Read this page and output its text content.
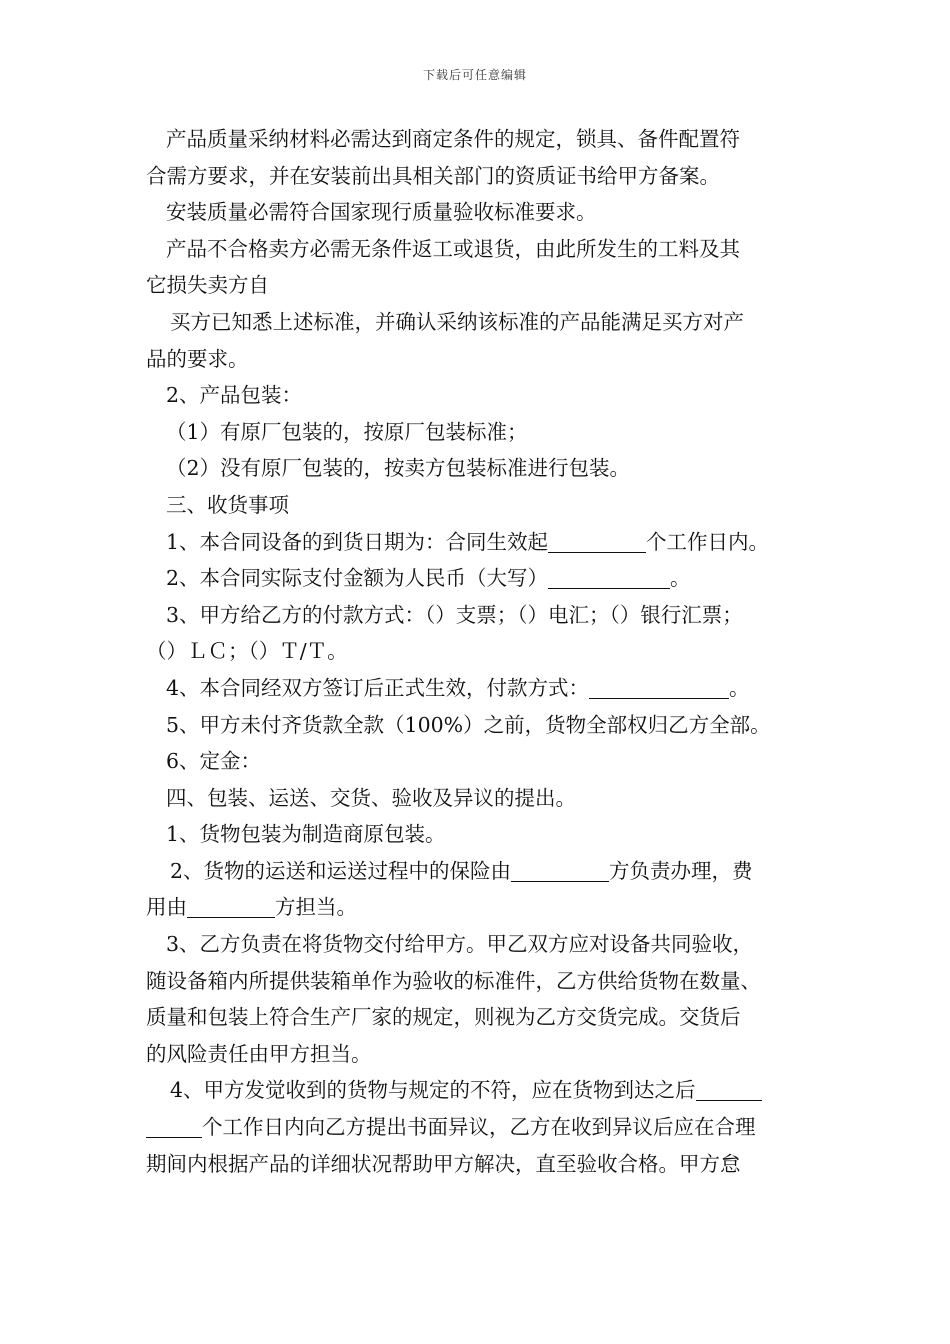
下载后可任意编辑

产品质量采纳材料必需达到商定条件的规定，锁具、备件配置符

合需方要求，并在安装前出具相关部门的资质证书给甲方备案。

安装质量必需符合国家现行质量验收标准要求。

产品不合格卖方必需无条件返工或退货，由此所发生的工料及其

它损失卖方自

买方已知悉上述标准，并确认采纳该标准的产品能满足买方对产

品的要求。

2、产品包装：

（1）有原厂包装的，按原厂包装标准；

（2）没有原厂包装的，按卖方包装标准进行包装。

三、收货事项

1、本合同设备的到货日期为：合同生效起	个工作日内。

2、本合同实际支付金额为人民币（大写）	。

3、甲方给乙方的付款方式：（）支票；（）电汇；（）银行汇票；

（）ＬＣ；（）Ｔ/Ｔ。

4、本合同经双方签订后正式生效，付款方式：	。

5、甲方未付齐货款全款（100%）之前，货物全部权归乙方全部。

6、定金：

四、包装、运送、交货、验收及异议的提出。

1、货物包装为制造商原包装。

2、货物的运送和运送过程中的保险由	方负责办理，费

用由	方担当。

3、乙方负责在将货物交付给甲方。甲乙双方应对设备共同验收，

随设备箱内所提供装箱单作为验收的标准件，乙方供给货物在数量、

质量和包装上符合生产厂家的规定，则视为乙方交货完成。交货后

的风险责任由甲方担当。

4、甲方发觉收到的货物与规定的不符，应在货物到达之后

个工作日内向乙方提出书面异议，乙方在收到异议后应在合理

期间内根据产品的详细状况帮助甲方解决，直至验收合格。甲方怠
